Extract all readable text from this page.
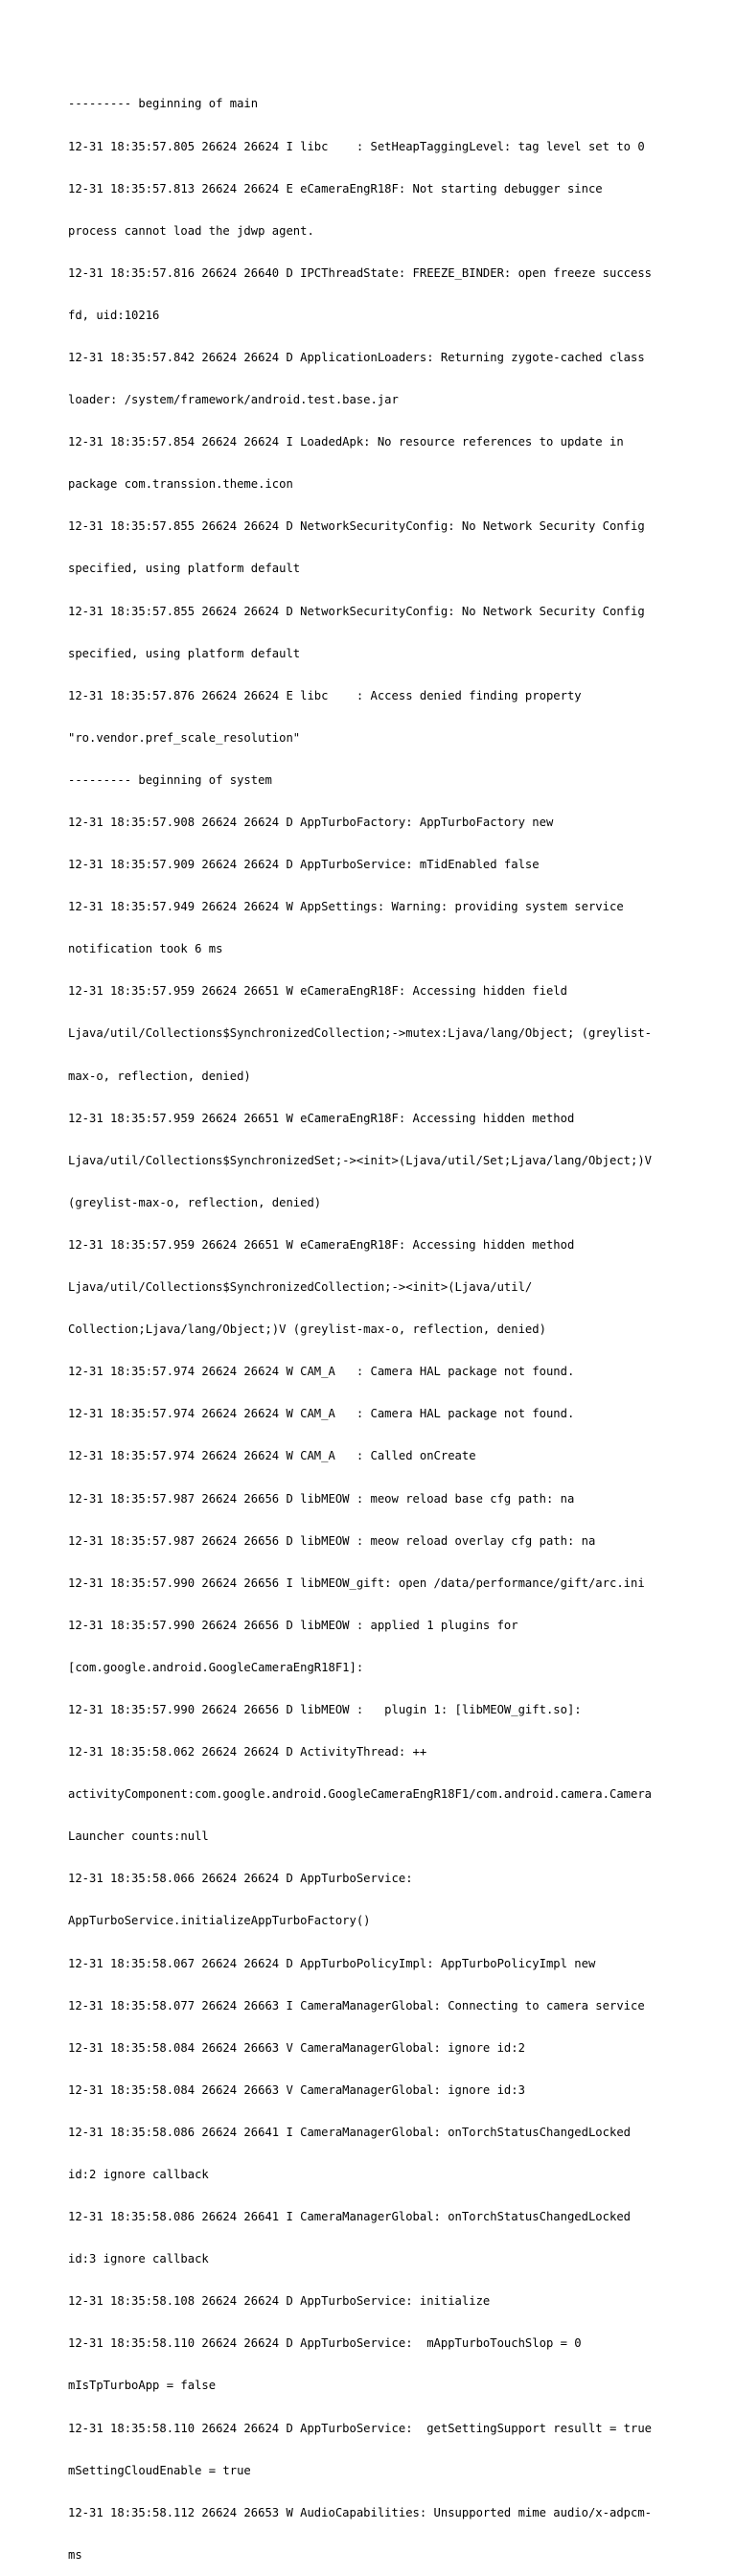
--------- beginning of main

12-31 18:35:57.805 26624 26624 I libc    : SetHeapTaggingLevel: tag level set to 0

12-31 18:35:57.813 26624 26624 E eCameraEngR18F: Not starting debugger since

process cannot load the jdwp agent.

12-31 18:35:57.816 26624 26640 D IPCThreadState: FREEZE_BINDER: open freeze success

fd, uid:10216

12-31 18:35:57.842 26624 26624 D ApplicationLoaders: Returning zygote-cached class

loader: /system/framework/android.test.base.jar

12-31 18:35:57.854 26624 26624 I LoadedApk: No resource references to update in

package com.transsion.theme.icon

12-31 18:35:57.855 26624 26624 D NetworkSecurityConfig: No Network Security Config

specified, using platform default

12-31 18:35:57.855 26624 26624 D NetworkSecurityConfig: No Network Security Config

specified, using platform default

12-31 18:35:57.876 26624 26624 E libc    : Access denied finding property

"ro.vendor.pref_scale_resolution"

--------- beginning of system

12-31 18:35:57.908 26624 26624 D AppTurboFactory: AppTurboFactory new

12-31 18:35:57.909 26624 26624 D AppTurboService: mTidEnabled false

12-31 18:35:57.949 26624 26624 W AppSettings: Warning: providing system service

notification took 6 ms

12-31 18:35:57.959 26624 26651 W eCameraEngR18F: Accessing hidden field

Ljava/util/Collections$SynchronizedCollection;->mutex:Ljava/lang/Object; (greylist-

max-o, reflection, denied)

12-31 18:35:57.959 26624 26651 W eCameraEngR18F: Accessing hidden method

Ljava/util/Collections$SynchronizedSet;-><init>(Ljava/util/Set;Ljava/lang/Object;)V

(greylist-max-o, reflection, denied)

12-31 18:35:57.959 26624 26651 W eCameraEngR18F: Accessing hidden method

Ljava/util/Collections$SynchronizedCollection;-><init>(Ljava/util/

Collection;Ljava/lang/Object;)V (greylist-max-o, reflection, denied)

12-31 18:35:57.974 26624 26624 W CAM_A   : Camera HAL package not found.

12-31 18:35:57.974 26624 26624 W CAM_A   : Camera HAL package not found.

12-31 18:35:57.974 26624 26624 W CAM_A   : Called onCreate

12-31 18:35:57.987 26624 26656 D libMEOW : meow reload base cfg path: na

12-31 18:35:57.987 26624 26656 D libMEOW : meow reload overlay cfg path: na

12-31 18:35:57.990 26624 26656 I libMEOW_gift: open /data/performance/gift/arc.ini

12-31 18:35:57.990 26624 26656 D libMEOW : applied 1 plugins for

[com.google.android.GoogleCameraEngR18F1]:

12-31 18:35:57.990 26624 26656 D libMEOW :   plugin 1: [libMEOW_gift.so]:

12-31 18:35:58.062 26624 26624 D ActivityThread: ++

activityComponent:com.google.android.GoogleCameraEngR18F1/com.android.camera.Camera

Launcher counts:null

12-31 18:35:58.066 26624 26624 D AppTurboService:

AppTurboService.initializeAppTurboFactory()

12-31 18:35:58.067 26624 26624 D AppTurboPolicyImpl: AppTurboPolicyImpl new

12-31 18:35:58.077 26624 26663 I CameraManagerGlobal: Connecting to camera service

12-31 18:35:58.084 26624 26663 V CameraManagerGlobal: ignore id:2

12-31 18:35:58.084 26624 26663 V CameraManagerGlobal: ignore id:3

12-31 18:35:58.086 26624 26641 I CameraManagerGlobal: onTorchStatusChangedLocked

id:2 ignore callback

12-31 18:35:58.086 26624 26641 I CameraManagerGlobal: onTorchStatusChangedLocked

id:3 ignore callback

12-31 18:35:58.108 26624 26624 D AppTurboService: initialize

12-31 18:35:58.110 26624 26624 D AppTurboService:  mAppTurboTouchSlop = 0

mIsTpTurboApp = false

12-31 18:35:58.110 26624 26624 D AppTurboService:  getSettingSupport resullt = true

mSettingCloudEnable = true

12-31 18:35:58.112 26624 26653 W AudioCapabilities: Unsupported mime audio/x-adpcm-

ms
